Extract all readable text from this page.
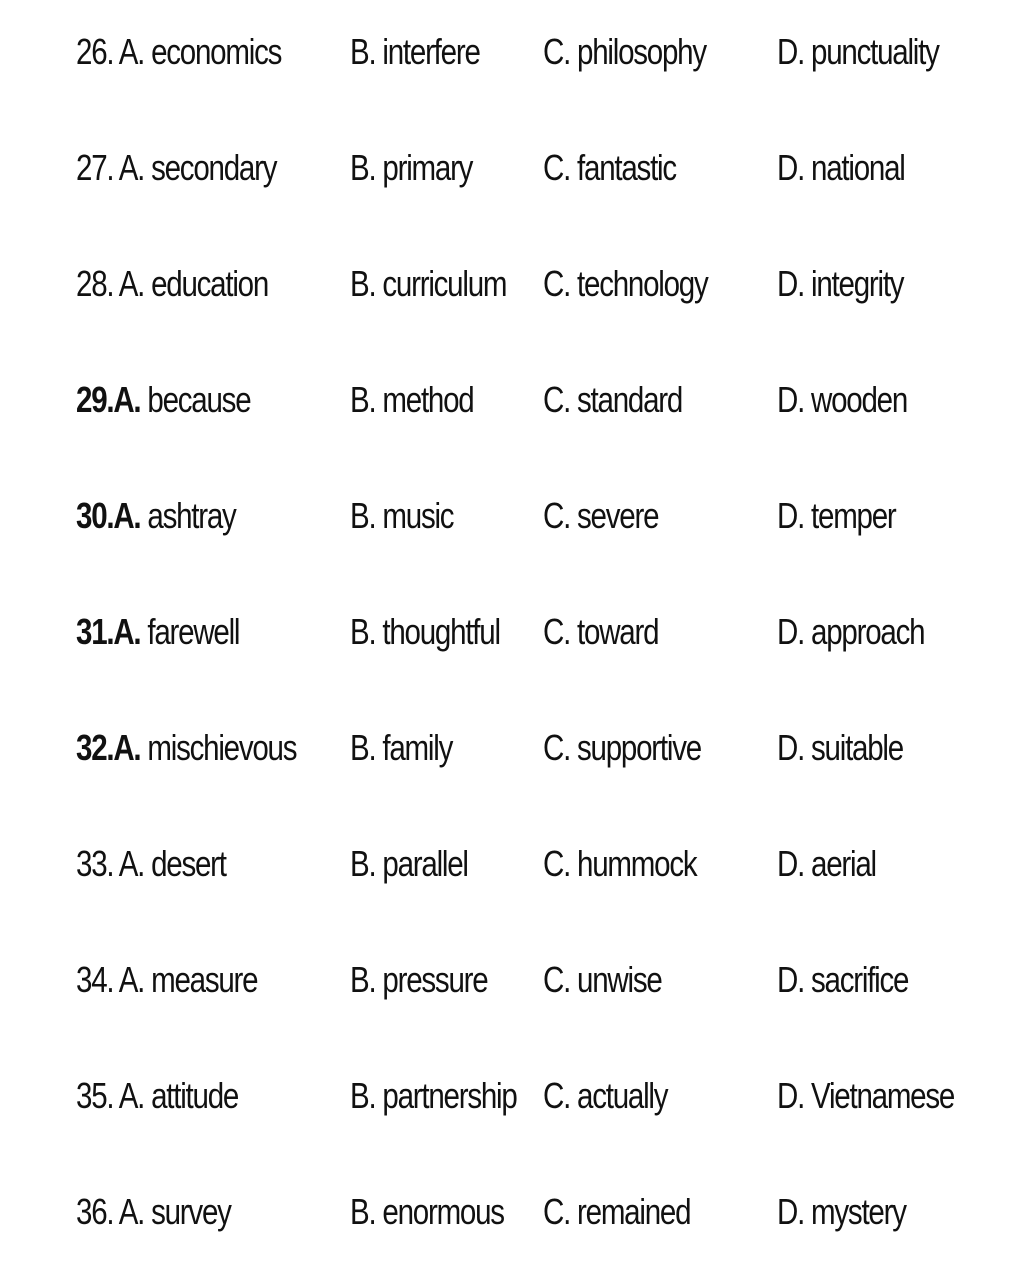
26. A. economics B. interfere C. philosophy D. punctuality
27. A. secondary B. primary C. fantastic	D. national
28. A. education B. curriculum C. technology D. integrity
29.A. because	B. method C. standard	D. wooden
30.A. ashtray	B. music C. severe	D. temper
31.A. farewell	B. thoughtful C. toward	D. approach
32.A. mischievous B. family	C. supportive D. suitable
33. A. desert	B. parallel C. hummock D. aerial
34. A. measure	B. pressure C. unwise	D. sacrifice
35. A. attitude	B. partnership C. actually	D. Vietnamese
36. A. survey	B. enormous C. remained D. mystery
